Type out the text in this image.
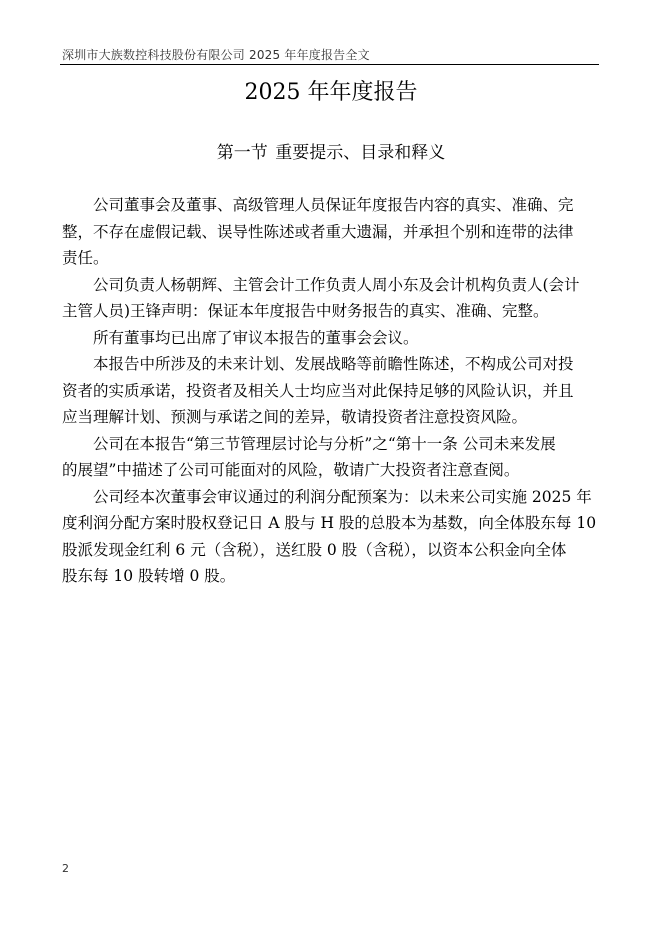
深圳市大族数控科技股份有限公司 2025 年年度报告全文
2025 年年度报告
第一节 重要提示、目录和释义
公司董事会及董事、高级管理人员保证年度报告内容的真实、准确、完
整，不存在虚假记载、误导性陈述或者重大遗漏，并承担个别和连带的法律
责任。
公司负责人杨朝辉、主管会计工作负责人周小东及会计机构负责人(会计
主管人员)王锋声明：保证本年度报告中财务报告的真实、准确、完整。
所有董事均已出席了审议本报告的董事会会议。
本报告中所涉及的未来计划、发展战略等前瞻性陈述，不构成公司对投
资者的实质承诺，投资者及相关人士均应当对此保持足够的风险认识，并且
应当理解计划、预测与承诺之间的差异，敬请投资者注意投资风险。
公司在本报告“第三节管理层讨论与分析”之“第十一条 公司未来发展
的展望”中描述了公司可能面对的风险，敬请广大投资者注意查阅。
公司经本次董事会审议通过的利润分配预案为：以未来公司实施 2025 年
度利润分配方案时股权登记日 A 股与 H 股的总股本为基数，向全体股东每 10
股派发现金红利 6 元（含税），送红股 0 股（含税），以资本公积金向全体
股东每 10 股转增 0 股。
2
